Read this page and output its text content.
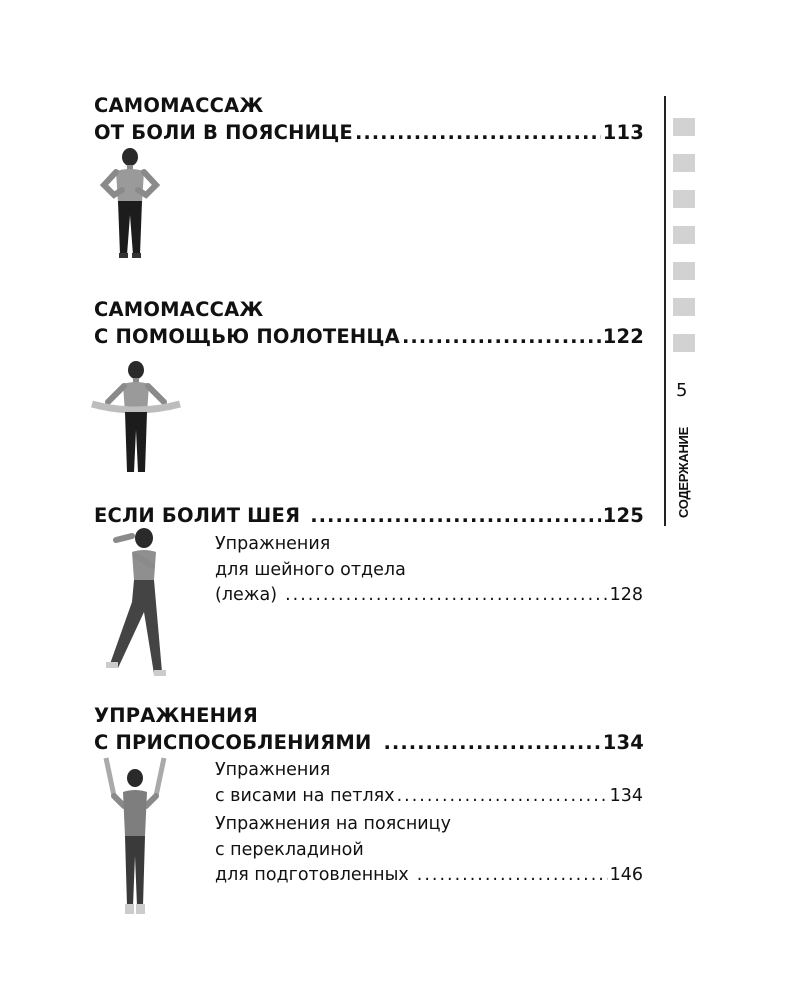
САМОМАССАЖ

ОТ БОЛИ В ПОЯСНИЦЕ .....	113

САМОМАССАЖ

С ПОМОЩЬЮ ПОЛОТЕНЦА .....	122
ЕСЛИ БОЛИТ ШЕЯ .....	125

Упражнения

для шейного отдела

(лежа) .....	128

УПРАЖНЕНИЯ

С ПРИСПОСОБЛЕНИЯМИ .....	134

Упражнения

с висами на петлях .....	134

Упражнения на поясницу

с перекладиной

для подготовленных .....	146
5
СОДЕРЖАНИЕ
